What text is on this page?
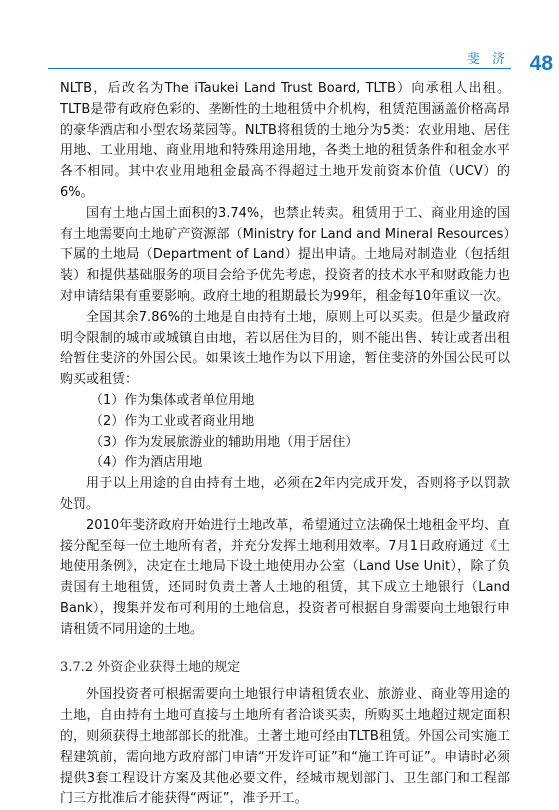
斐 济 48

NLTB，后改名为The iTaukei Land Trust Board, TLTB）向承租人出租。TLTB是带有政府色彩的、垄断性的土地租赁中介机构，租赁范围涵盖价格高昂的豪华酒店和小型农场菜园等。NLTB将租赁的土地分为5类：农业用地、居住用地、工业用地、商业用地和特殊用途用地，各类土地的租赁条件和租金水平各不相同。其中农业用地租金最高不得超过土地开发前资本价值（UCV）的6%。

国有土地占国土面积的3.74%，也禁止转卖。租赁用于工、商业用途的国有土地需要向土地矿产资源部（Ministry for Land and Mineral Resources）下属的土地局（Department of Land）提出申请。土地局对制造业（包括组装）和提供基础服务的项目会给予优先考虑，投资者的技术水平和财政能力也对申请结果有重要影响。政府土地的租期最长为99年，租金每10年重议一次。

全国其余7.86%的土地是自由持有土地，原则上可以买卖。但是少量政府明令限制的城市或城镇自由地，若以居住为目的，则不能出售、转让或者出租给暂住斐济的外国公民。如果该土地作为以下用途，暂住斐济的外国公民可以购买或租赁：

（1）作为集体或者单位用地
（2）作为工业或者商业用地
（3）作为发展旅游业的辅助用地（用于居住）
（4）作为酒店用地

用于以上用途的自由持有土地，必须在2年内完成开发，否则将予以罚款处罚。

2010年斐济政府开始进行土地改革，希望通过立法确保土地租金平均、直接分配至每一位土地所有者，并充分发挥土地利用效率。7月1日政府通过《土地使用条例》，决定在土地局下设土地使用办公室（Land Use Unit），除了负责国有土地租赁，还同时负责土著人土地的租赁，其下成立土地银行（Land Bank），搜集并发布可利用的土地信息，投资者可根据自身需要向土地银行申请租赁不同用途的土地。

3.7.2 外资企业获得土地的规定

外国投资者可根据需要向土地银行申请租赁农业、旅游业、商业等用途的土地，自由持有土地可直接与土地所有者洽谈买卖，所购买土地超过规定面积的，则须获得土地部部长的批准。土著土地可经由TLTB租赁。外国公司实施工程建筑前，需向地方政府部门申请“开发许可证”和“施工许可证”。申请时必须提供3套工程设计方案及其他必要文件，经城市规划部门、卫生部门和工程部门三方批准后才能获得“两证”，准予开工。
